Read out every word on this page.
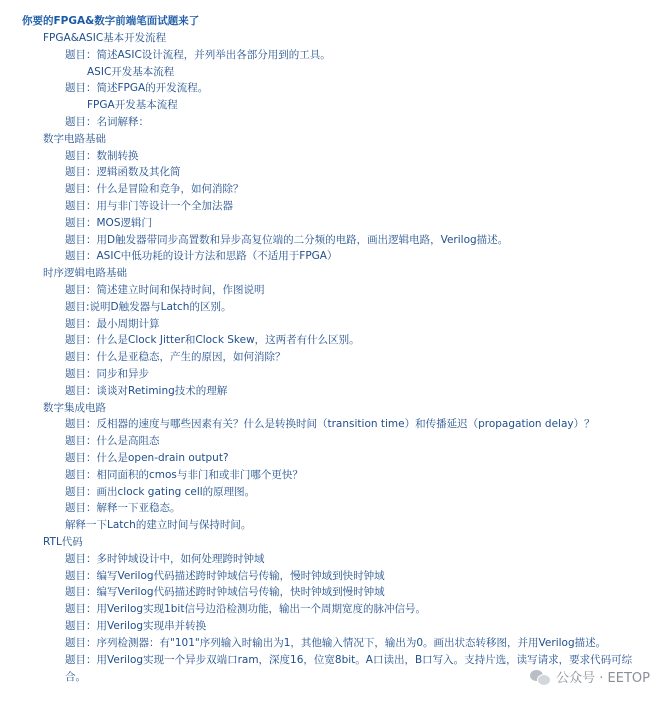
你要的FPGA&数字前端笔面试题来了
FPGA&ASIC基本开发流程
题目：简述ASIC设计流程，并列举出各部分用到的工具。
ASIC开发基本流程
题目：简述FPGA的开发流程。
FPGA开发基本流程
题目：名词解释：
数字电路基础
题目：数制转换
题目：逻辑函数及其化简
题目：什么是冒险和竞争，如何消除？
题目：用与非门等设计一个全加法器
题目：MOS逻辑门
题目：用D触发器带同步高置数和异步高复位端的二分频的电路，画出逻辑电路，Verilog描述。
题目：ASIC中低功耗的设计方法和思路（不适用于FPGA）
时序逻辑电路基础
题目：简述建立时间和保持时间，作图说明
题目:说明D触发器与Latch的区别。
题目：最小周期计算
题目：什么是Clock Jitter和Clock Skew，这两者有什么区别。
题目：什么是亚稳态，产生的原因，如何消除？
题目：同步和异步
题目：谈谈对Retiming技术的理解
数字集成电路
题目：反相器的速度与哪些因素有关？什么是转换时间（transition time）和传播延迟（propagation delay）？
题目：什么是高阻态
题目：什么是open-drain output?
题目：相同面积的cmos与非门和或非门哪个更快？
题目：画出clock gating cell的原理图。
题目：解释一下亚稳态。
解释一下Latch的建立时间与保持时间。
RTL代码
题目：多时钟域设计中，如何处理跨时钟域
题目：编写Verilog代码描述跨时钟域信号传输，慢时钟域到快时钟域
题目：编写Verilog代码描述跨时钟域信号传输，快时钟域到慢时钟域
题目：用Verilog实现1bit信号边沿检测功能，输出一个周期宽度的脉冲信号。
题目：用Verilog实现串并转换
题目：序列检测器：有"101"序列输入时输出为1，其他输入情况下，输出为0。画出状态转移图，并用Verilog描述。
题目：用Verilog实现一个异步双端口ram，深度16，位宽8bit。A口读出，B口写入。支持片选，读写请求，要求代码可综合。	公众号 · EETOP
